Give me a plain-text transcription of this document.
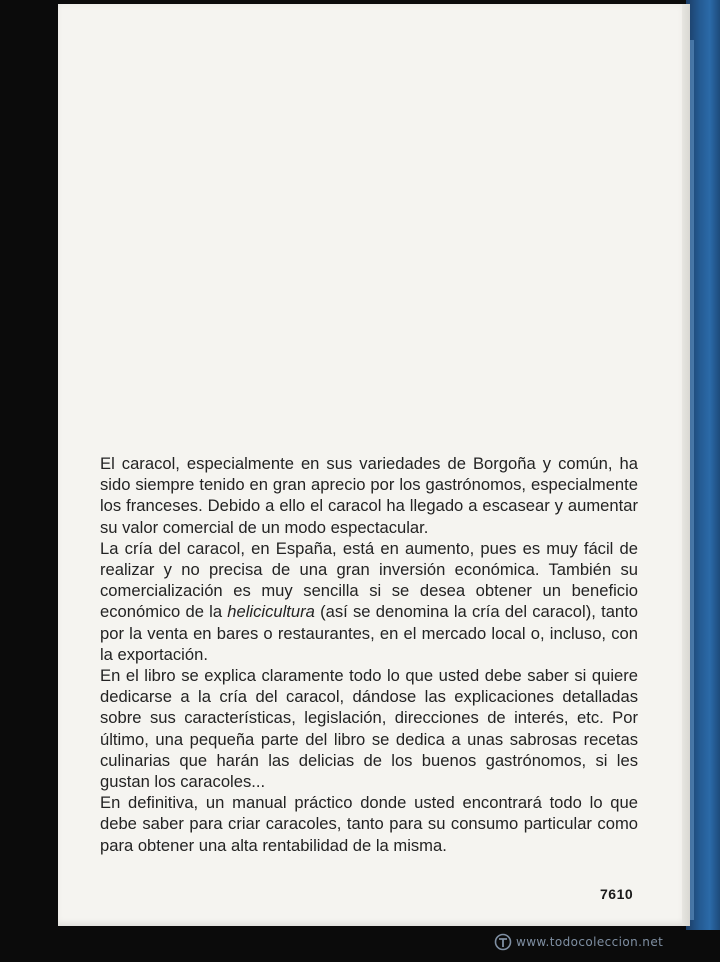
El caracol, especialmente en sus variedades de Borgoña y común, ha sido siempre tenido en gran aprecio por los gastrónomos, especialmente los franceses. Debido a ello el caracol ha llegado a escasear y aumentar su valor comercial de un modo espectacular.

La cría del caracol, en España, está en aumento, pues es muy fácil de realizar y no precisa de una gran inversión económica. También su comercialización es muy sencilla si se desea obtener un beneficio económico de la helicicultura (así se denomina la cría del caracol), tanto por la venta en bares o restaurantes, en el mercado local o, incluso, con la exportación.

En el libro se explica claramente todo lo que usted debe saber si quiere dedicarse a la cría del caracol, dándose las explicaciones detalladas sobre sus características, legislación, direcciones de interés, etc. Por último, una pequeña parte del libro se dedica a unas sabrosas recetas culinarias que harán las delicias de los buenos gastrónomos, si les gustan los caracoles...

En definitiva, un manual práctico donde usted encontrará todo lo que debe saber para criar caracoles, tanto para su consumo particular como para obtener una alta rentabilidad de la misma.

7610
www.todocoleccion.net
